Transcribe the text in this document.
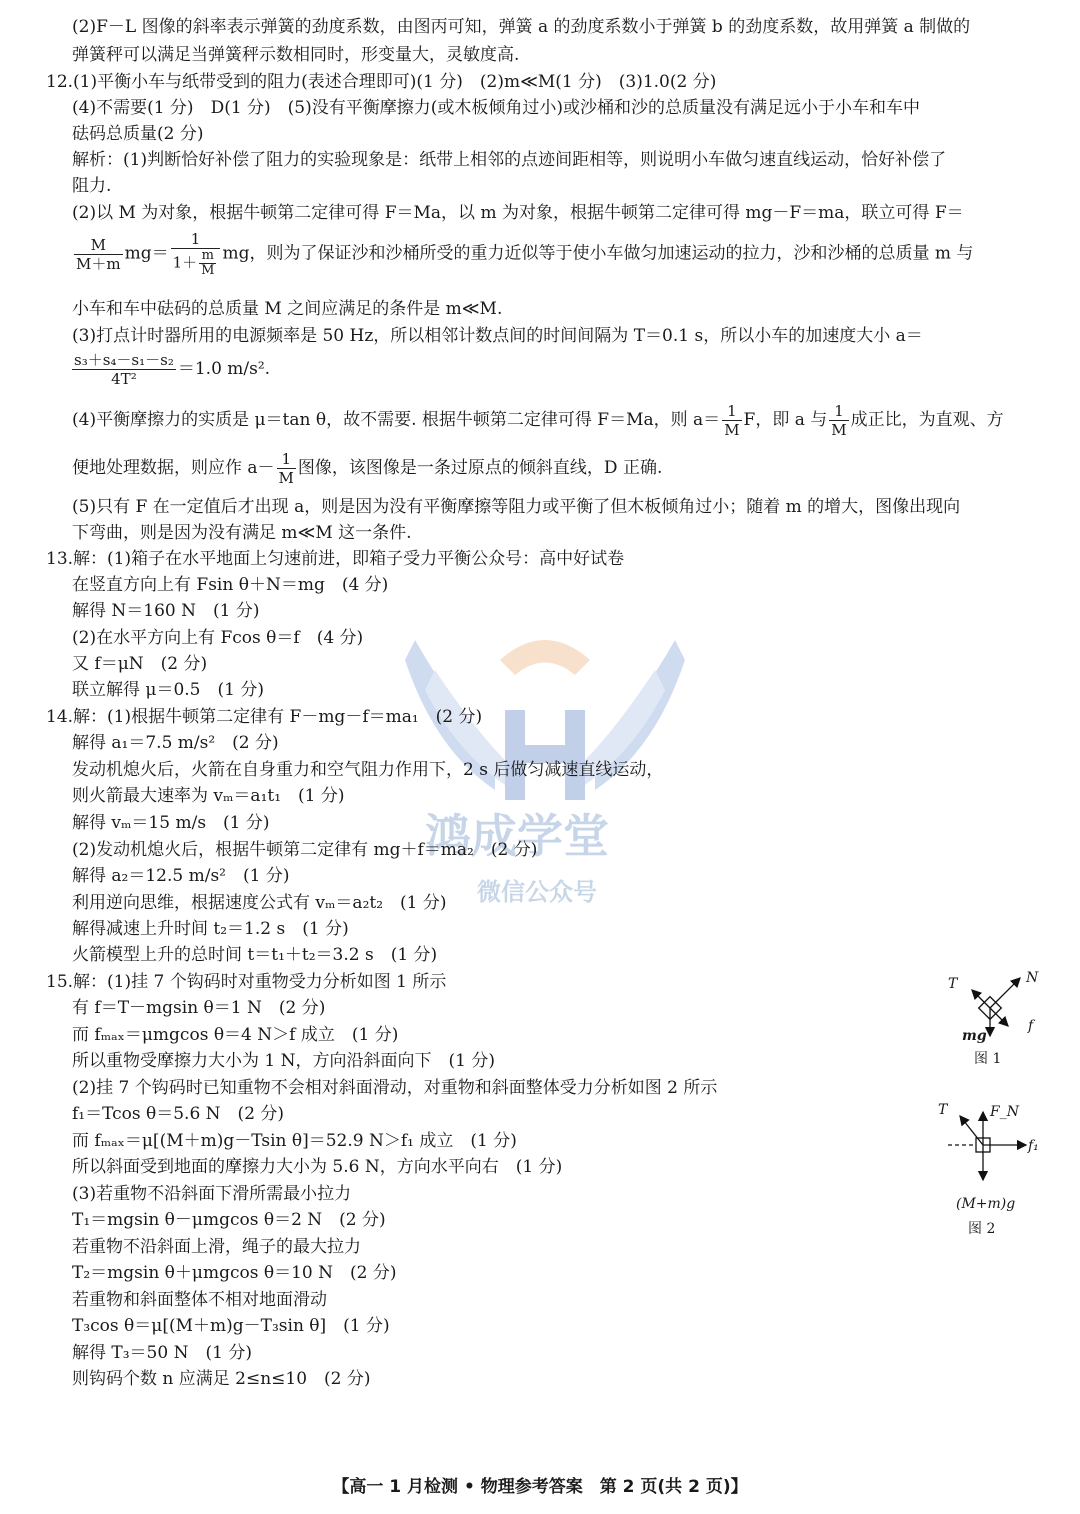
鸿成学堂
微信公众号
(2)F－L 图像的斜率表示弹簧的劲度系数，由图丙可知，弹簧 a 的劲度系数小于弹簧 b 的劲度系数，故用弹簧 a 制做的
弹簧秤可以满足当弹簧秤示数相同时，形变量大，灵敏度高.
12.(1)平衡小车与纸带受到的阻力(表述合理即可)(1 分)　(2)m≪M(1 分)　(3)1.0(2 分)
(4)不需要(1 分)　D(1 分)　(5)没有平衡摩擦力(或木板倾角过小)或沙桶和沙的总质量没有满足远小于小车和车中
砝码总质量(2 分)
解析：(1)判断恰好补偿了阻力的实验现象是：纸带上相邻的点迹间距相等，则说明小车做匀速直线运动，恰好补偿了
阻力.
(2)以 M 为对象，根据牛顿第二定律可得 F＝Ma，以 m 为对象，根据牛顿第二定律可得 mg－F＝ma，联立可得 F＝
$\frac{M}{M+m} mg= \frac{1}{1+ \frac{m}{M}}$ mg，则为了保证沙和沙桶所受的重力近似等于使小车做匀加速运动的拉力，沙和沙桶的总质量 m 与
小车和车中砝码的总质量 M 之间应满足的条件是 m≪M.
(3)打点计时器所用的电源频率是 50 Hz，所以相邻计数点间的时间间隔为 T＝0.1 s，所以小车的加速度大小 a＝
$\frac{\text{s₃＋s₄－s₁－s₂}}{\text{4T²}} =1.0$ m/s².
(4)平衡摩擦力的实质是 μ＝tan θ，故不需要. 根据牛顿第二定律可得 F＝Ma，则 $a= \frac{1}{M}$ F，即 a 与 $\frac{1}{M}$ 成正比，为直观、方
便地处理数据，则应作 $a- \frac{1}{M}$ 图像，该图像是一条过原点的倾斜直线，D 正确.
(5)只有 F 在一定值后才出现 a，则是因为没有平衡摩擦等阻力或平衡了但木板倾角过小；随着 m 的增大，图像出现向
下弯曲，则是因为没有满足 m≪M 这一条件.
13.解：(1)箱子在水平地面上匀速前进，即箱子受力平衡公众号：高中好试卷
在竖直方向上有 Fsin θ＋N＝mg　(4 分)
解得 N＝160 N　(1 分)
(2)在水平方向上有 Fcos θ＝f　(4 分)
又 f＝μN　(2 分)
联立解得 μ＝0.5　(1 分)
14.解：(1)根据牛顿第二定律有 F－mg－f＝ma₁　(2 分)
解得 a₁＝7.5 m/s²　(2 分)
发动机熄火后，火箭在自身重力和空气阻力作用下，2 s 后做匀减速直线运动，
则火箭最大速率为 vₘ＝a₁t₁　(1 分)
解得 vₘ＝15 m/s　(1 分)
(2)发动机熄火后，根据牛顿第二定律有 mg＋f＝ma₂　(2 分)
解得 a₂＝12.5 m/s²　(1 分)
利用逆向思维，根据速度公式有 vₘ＝a₂t₂　(1 分)
解得减速上升时间 t₂＝1.2 s　(1 分)
火箭模型上升的总时间 t＝t₁＋t₂＝3.2 s　(1 分)
15.解：(1)挂 7 个钩码时对重物受力分析如图 1 所示
有 f＝T－mgsin θ＝1 N　(2 分)
而 fₘₐₓ＝μmgcos θ＝4 N＞f 成立　(1 分)
所以重物受摩擦力大小为 1 N，方向沿斜面向下　(1 分)
(2)挂 7 个钩码时已知重物不会相对斜面滑动，对重物和斜面整体受力分析如图 2 所示
f₁＝Tcos θ＝5.6 N　(2 分)
而 fₘₐₓ＝μ[(M＋m)g－Tsin θ]＝52.9 N＞f₁ 成立　(1 分)
所以斜面受到地面的摩擦力大小为 5.6 N，方向水平向右　(1 分)
(3)若重物不沿斜面下滑所需最小拉力
T₁＝mgsin θ－μmgcos θ＝2 N　(2 分)
若重物不沿斜面上滑，绳子的最大拉力
T₂＝mgsin θ＋μmgcos θ＝10 N　(2 分)
若重物和斜面整体不相对地面滑动
T₃cos θ＝μ[(M＋m)g－T₃sin θ]　(1 分)
解得 T₃＝50 N　(1 分)
则钩码个数 n 应满足 2≤n≤10　(2 分)
T	N
mg
f
图 1
T	F_N
f₁
(M+m)g
图 2
【高一 1 月检测 • 物理参考答案　第 2 页(共 2 页)】
